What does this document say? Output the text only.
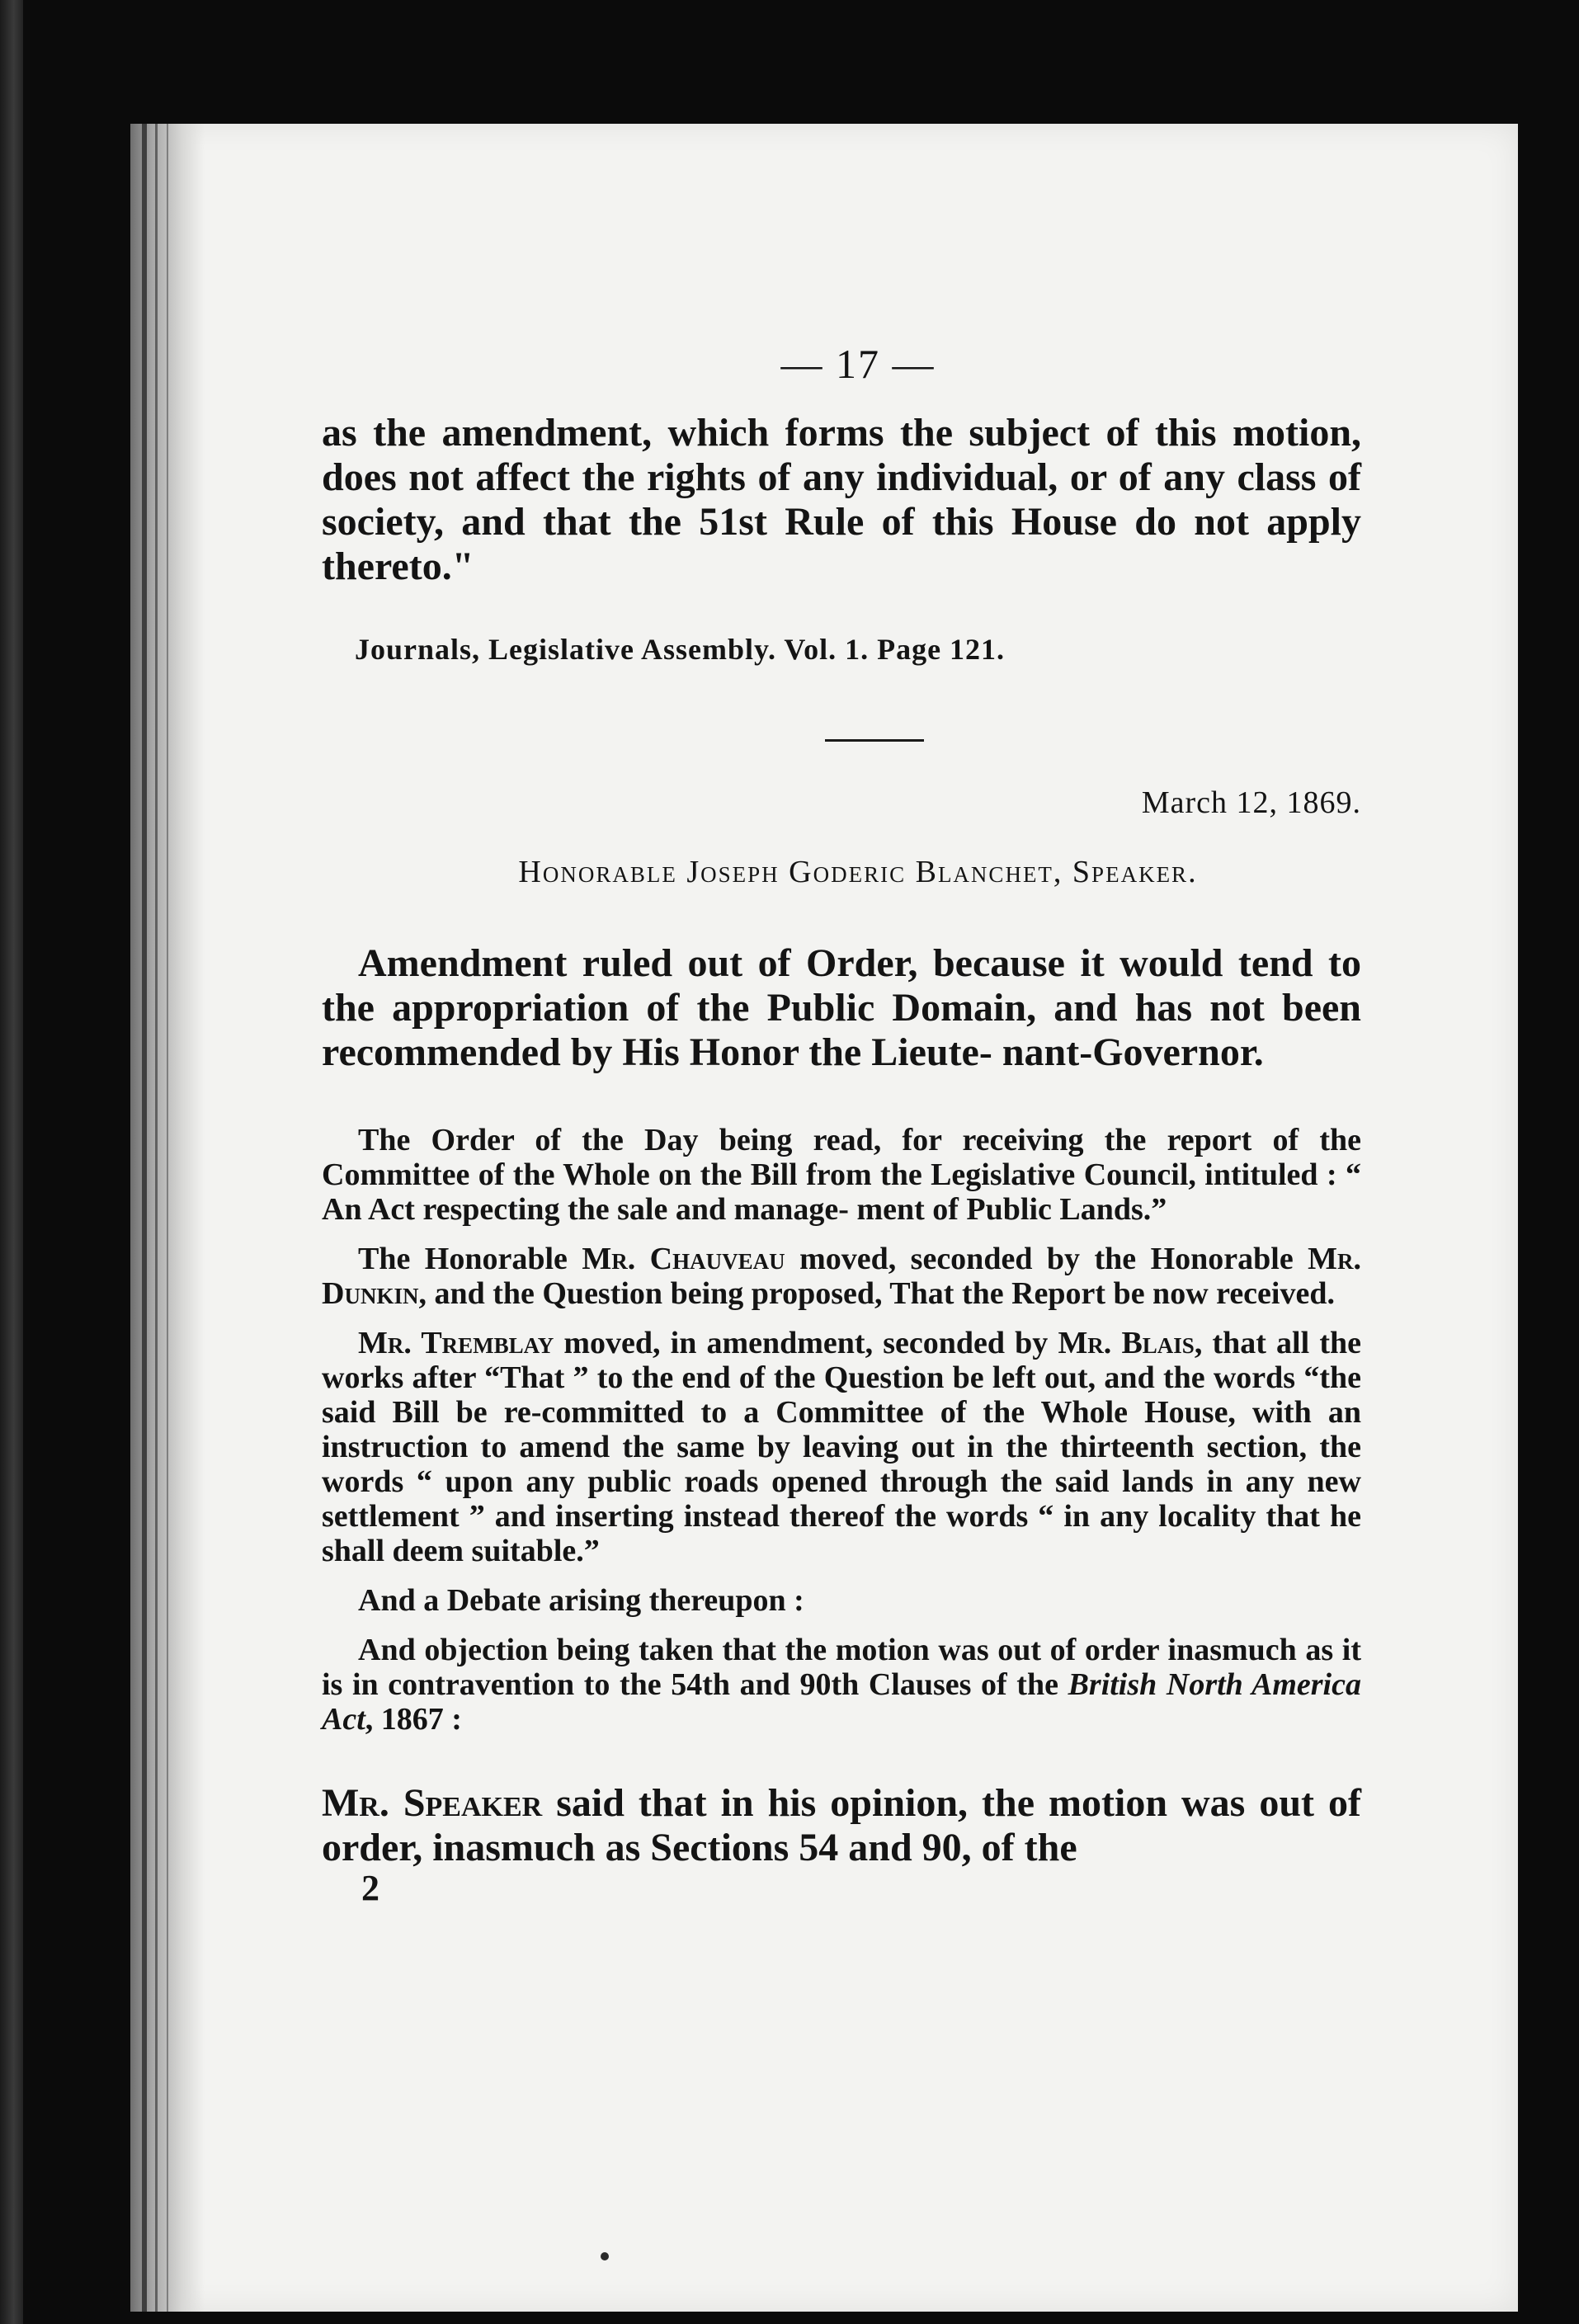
— 17 —

as the amendment, which forms the subject of this motion, does not affect the rights of any individual, or of any class of society, and that the 51st Rule of this House do not apply thereto."

Journals, Legislative Assembly. Vol. 1. Page 121.
March 12, 1869.
Honorable Joseph Goderic Blanchet, Speaker.

Amendment ruled out of Order, because it would tend to the appropriation of the Public Domain, and has not been recommended by His Honor the Lieute- nant-Governor.

The Order of the Day being read, for receiving the report of the Committee of the Whole on the Bill from the Legislative Council, intituled : “ An Act respecting the sale and manage- ment of Public Lands.”

The Honorable Mr. Chauveau moved, seconded by the Honorable Mr. Dunkin, and the Question being proposed, That the Report be now received.

Mr. Tremblay moved, in amendment, seconded by Mr. Blais, that all the works after “That ” to the end of the Question be left out, and the words “the said Bill be re-committed to a Committee of the Whole House, with an instruction to amend the same by leaving out in the thirteenth section, the words “ upon any public roads opened through the said lands in any new settlement ” and inserting instead thereof the words “ in any locality that he shall deem suitable.”

And a Debate arising thereupon :

And objection being taken that the motion was out of order inasmuch as it is in contravention to the 54th and 90th Clauses of the British North America Act, 1867 :

Mr. Speaker said that in his opinion, the motion was out of order, inasmuch as Sections 54 and 90, of the

2
